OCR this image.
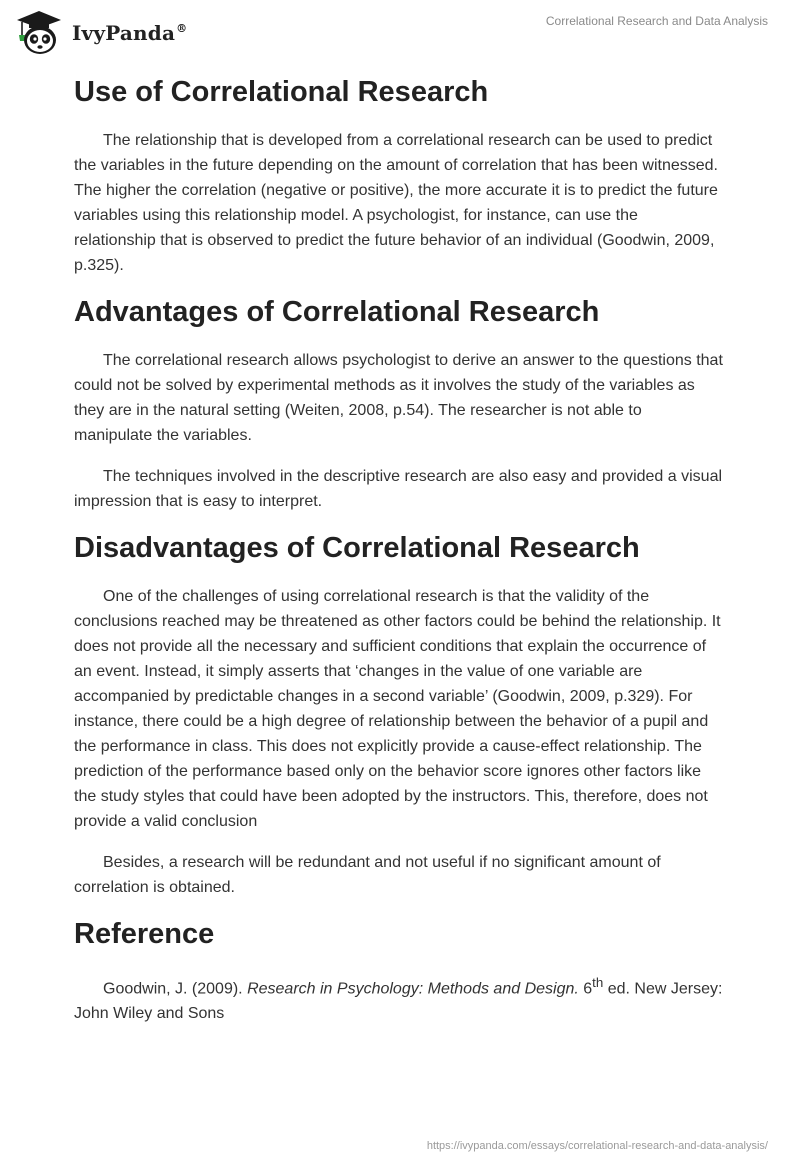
IvyPanda®
Correlational Research and Data Analysis
Use of Correlational Research

The relationship that is developed from a correlational research can be used to predict the variables in the future depending on the amount of correlation that has been witnessed. The higher the correlation (negative or positive), the more accurate it is to predict the future variables using this relationship model. A psychologist, for instance, can use the relationship that is observed to predict the future behavior of an individual (Goodwin, 2009, p.325).

Advantages of Correlational Research

The correlational research allows psychologist to derive an answer to the questions that could not be solved by experimental methods as it involves the study of the variables as they are in the natural setting (Weiten, 2008, p.54). The researcher is not able to manipulate the variables.

The techniques involved in the descriptive research are also easy and provided a visual impression that is easy to interpret.

Disadvantages of Correlational Research

One of the challenges of using correlational research is that the validity of the conclusions reached may be threatened as other factors could be behind the relationship. It does not provide all the necessary and sufficient conditions that explain the occurrence of an event. Instead, it simply asserts that ‘changes in the value of one variable are accompanied by predictable changes in a second variable’ (Goodwin, 2009, p.329). For instance, there could be a high degree of relationship between the behavior of a pupil and the performance in class. This does not explicitly provide a cause-effect relationship. The prediction of the performance based only on the behavior score ignores other factors like the study styles that could have been adopted by the instructors. This, therefore, does not provide a valid conclusion

Besides, a research will be redundant and not useful if no significant amount of correlation is obtained.

Reference

Goodwin, J. (2009). Research in Psychology: Methods and Design. 6th ed. New Jersey: John Wiley and Sons

https://ivypanda.com/essays/correlational-research-and-data-analysis/
